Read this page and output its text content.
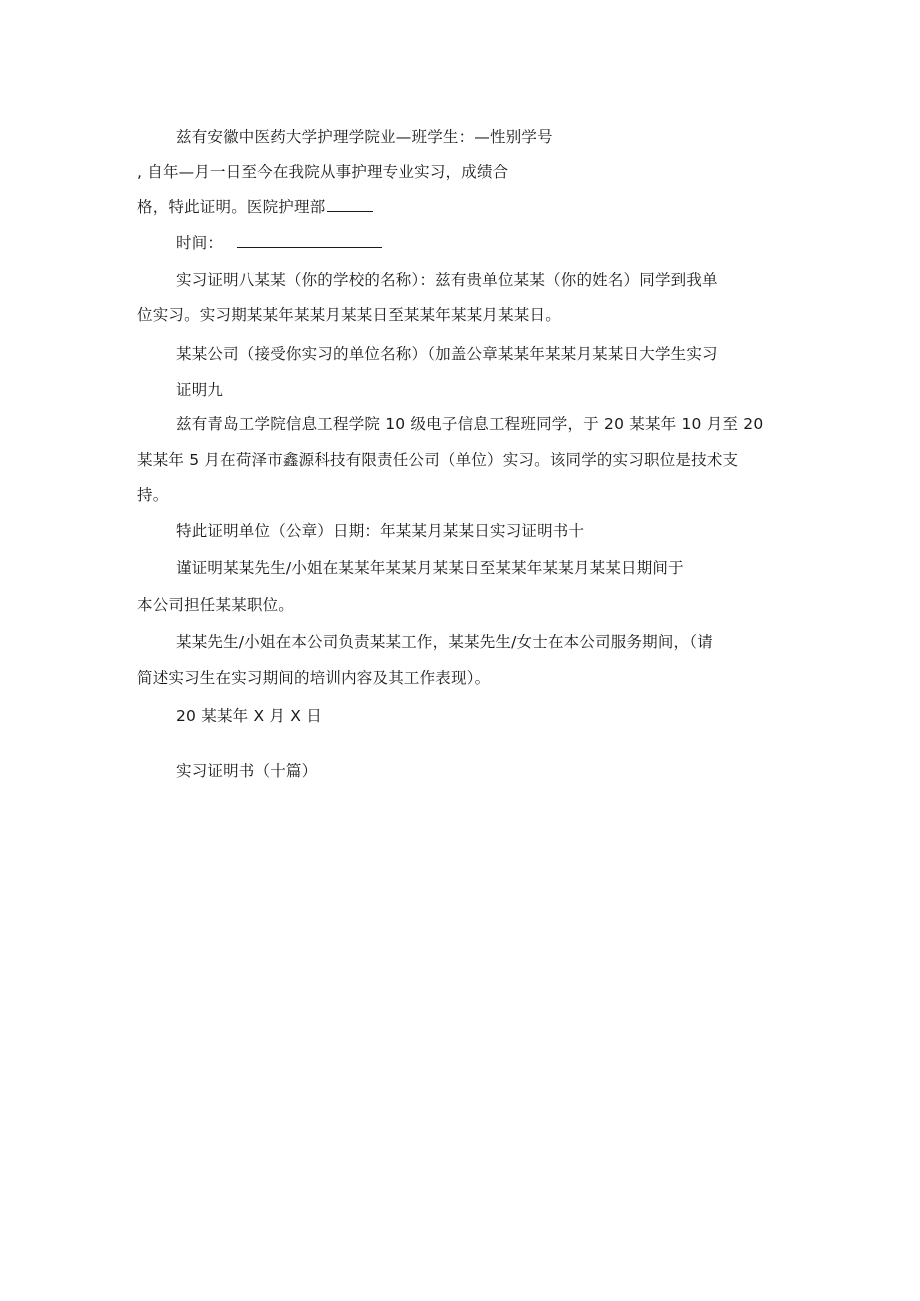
兹有安徽中医药大学护理学院业—班学生：—性别学号
, 自年—月一日至今在我院从事护理专业实习，成绩合
格，特此证明。医院护理部
时间：
实习证明八某某（你的学校的名称）：兹有贵单位某某（你的姓名）同学到我单
位实习。实习期某某年某某月某某日至某某年某某月某某日。
某某公司（接受你实习的单位名称）（加盖公章某某年某某月某某日大学生实习
证明九
兹有青岛工学院信息工程学院 10 级电子信息工程班同学，于 20 某某年 10 月至 20
某某年 5 月在荷泽市鑫源科技有限责任公司（单位）实习。该同学的实习职位是技术支
持。
特此证明单位（公章）日期：年某某月某某日实习证明书十
谨证明某某先生/小姐在某某年某某月某某日至某某年某某月某某日期间于
本公司担任某某职位。
某某先生/小姐在本公司负责某某工作，某某先生/女士在本公司服务期间，（请
简述实习生在实习期间的培训内容及其工作表现）。
20 某某年 X 月 X 日
实习证明书（十篇）
